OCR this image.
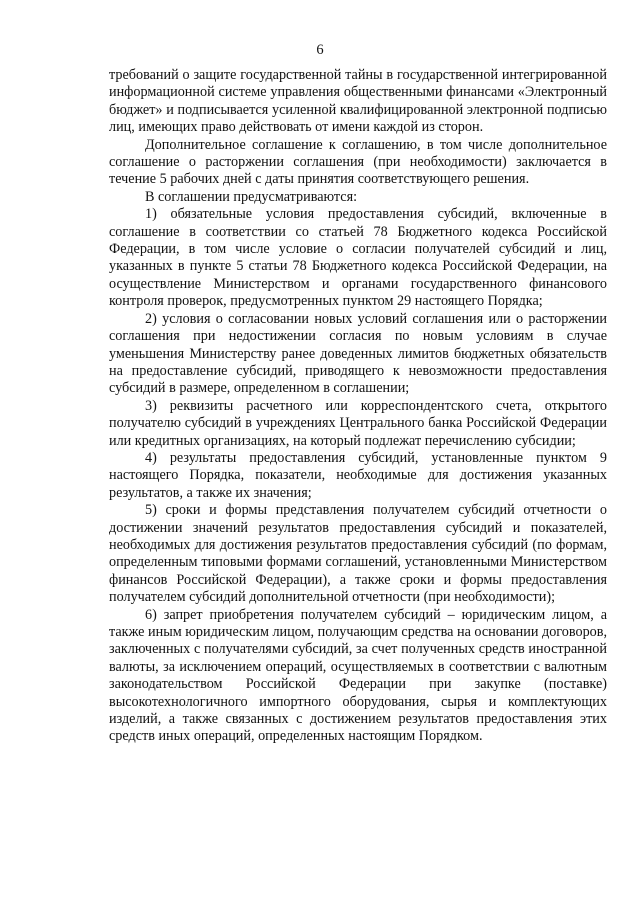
6

требований о защите государственной тайны в государственной интегрированной информационной системе управления общественными финансами «Электронный бюджет» и подписывается усиленной квалифицированной электронной подписью лиц, имеющих право действовать от имени каждой из сторон.

Дополнительное соглашение к соглашению, в том числе дополнительное соглашение о расторжении соглашения (при необходимости) заключается в течение 5 рабочих дней с даты принятия соответствующего решения.

В соглашении предусматриваются:

1) обязательные условия предоставления субсидий, включенные в соглашение в соответствии со статьей 78 Бюджетного кодекса Российской Федерации, в том числе условие о согласии получателей субсидий и лиц, указанных в пункте 5 статьи 78 Бюджетного кодекса Российской Федерации, на осуществление Министерством и органами государственного финансового контроля проверок, предусмотренных пунктом 29 настоящего Порядка;

2) условия о согласовании новых условий соглашения или о расторжении соглашения при недостижении согласия по новым условиям в случае уменьшения Министерству ранее доведенных лимитов бюджетных обязательств на предоставление субсидий, приводящего к невозможности предоставления субсидий в размере, определенном в соглашении;

3) реквизиты расчетного или корреспондентского счета, открытого получателю субсидий в учреждениях Центрального банка Российской Федерации или кредитных организациях, на который подлежат перечислению субсидии;

4) результаты предоставления субсидий, установленные пунктом 9 настоящего Порядка, показатели, необходимые для достижения указанных результатов, а также их значения;

5) сроки и формы представления получателем субсидий отчетности о достижении значений результатов предоставления субсидий и показателей, необходимых для достижения результатов предоставления субсидий (по формам, определенным типовыми формами соглашений, установленными Министерством финансов Российской Федерации), а также сроки и формы предоставления получателем субсидий дополнительной отчетности (при необходимости);

6) запрет приобретения получателем субсидий – юридическим лицом, а также иным юридическим лицом, получающим средства на основании договоров, заключенных с получателями субсидий, за счет полученных средств иностранной валюты, за исключением операций, осуществляемых в соответствии с валютным законодательством Российской Федерации при закупке (поставке) высокотехнологичного импортного оборудования, сырья и комплектующих изделий, а также связанных с достижением результатов предоставления этих средств иных операций, определенных настоящим Порядком.
